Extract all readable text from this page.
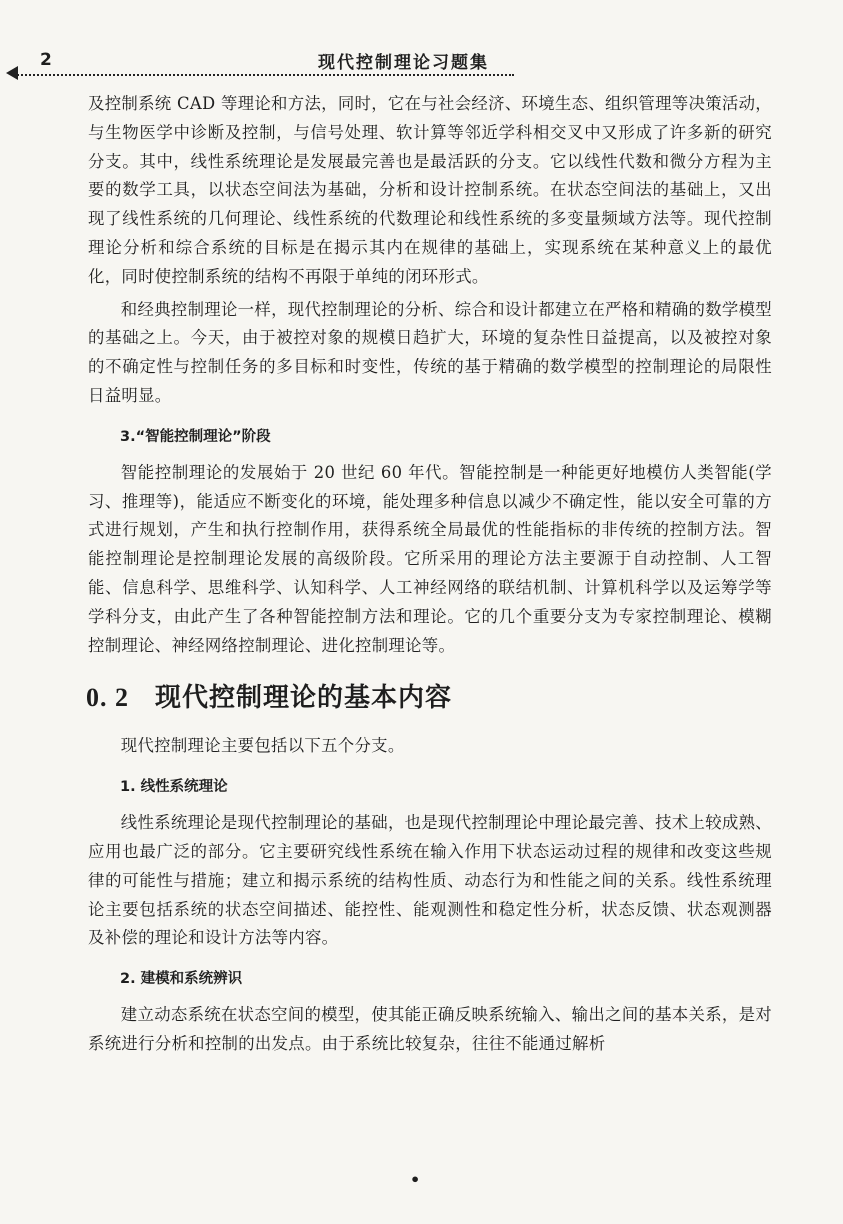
2	现代控制理论习题集

及控制系统 CAD 等理论和方法，同时，它在与社会经济、环境生态、组织管理等决策活动，与生物医学中诊断及控制，与信号处理、软计算等邻近学科相交叉中又形成了许多新的研究分支。其中，线性系统理论是发展最完善也是最活跃的分支。它以线性代数和微分方程为主要的数学工具，以状态空间法为基础，分析和设计控制系统。在状态空间法的基础上，又出现了线性系统的几何理论、线性系统的代数理论和线性系统的多变量频域方法等。现代控制理论分析和综合系统的目标是在揭示其内在规律的基础上，实现系统在某种意义上的最优化，同时使控制系统的结构不再限于单纯的闭环形式。

和经典控制理论一样，现代控制理论的分析、综合和设计都建立在严格和精确的数学模型的基础之上。今天，由于被控对象的规模日趋扩大，环境的复杂性日益提高，以及被控对象的不确定性与控制任务的多目标和时变性，传统的基于精确的数学模型的控制理论的局限性日益明显。

3.“智能控制理论”阶段

智能控制理论的发展始于 20 世纪 60 年代。智能控制是一种能更好地模仿人类智能(学习、推理等)，能适应不断变化的环境，能处理多种信息以减少不确定性，能以安全可靠的方式进行规划，产生和执行控制作用，获得系统全局最优的性能指标的非传统的控制方法。智能控制理论是控制理论发展的高级阶段。它所采用的理论方法主要源于自动控制、人工智能、信息科学、思维科学、认知科学、人工神经网络的联结机制、计算机科学以及运筹学等学科分支，由此产生了各种智能控制方法和理论。它的几个重要分支为专家控制理论、模糊控制理论、神经网络控制理论、进化控制理论等。

0. 2 现代控制理论的基本内容

现代控制理论主要包括以下五个分支。

1. 线性系统理论

线性系统理论是现代控制理论的基础，也是现代控制理论中理论最完善、技术上较成熟、应用也最广泛的部分。它主要研究线性系统在输入作用下状态运动过程的规律和改变这些规律的可能性与措施；建立和揭示系统的结构性质、动态行为和性能之间的关系。线性系统理论主要包括系统的状态空间描述、能控性、能观测性和稳定性分析，状态反馈、状态观测器及补偿的理论和设计方法等内容。

2. 建模和系统辨识

建立动态系统在状态空间的模型，使其能正确反映系统输入、输出之间的基本关系，是对系统进行分析和控制的出发点。由于系统比较复杂，往往不能通过解析

•
